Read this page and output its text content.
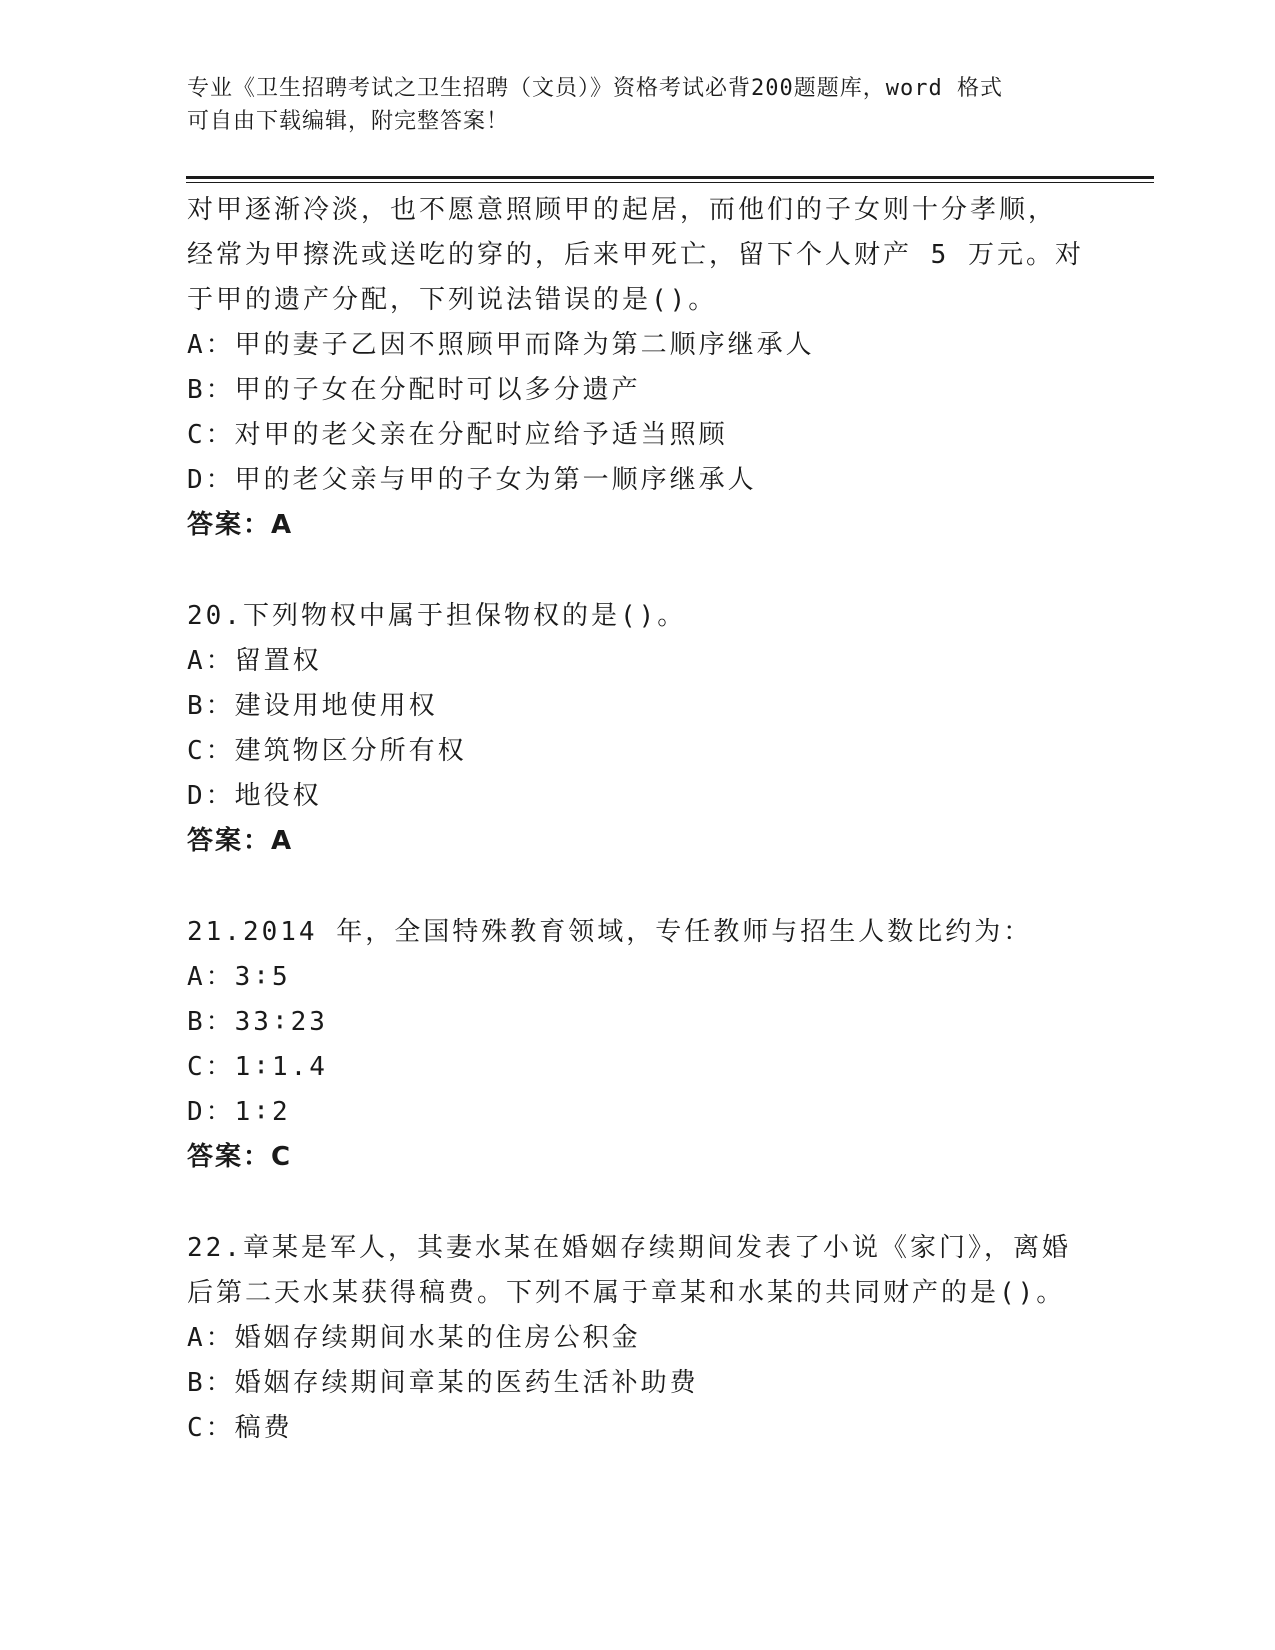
专业《卫生招聘考试之卫生招聘（文员）》资格考试必背200题题库，word 格式
可自由下载编辑，附完整答案！
对甲逐渐冷淡，也不愿意照顾甲的起居，而他们的子女则十分孝顺，
经常为甲擦洗或送吃的穿的，后来甲死亡，留下个人财产 5 万元。对
于甲的遗产分配，下列说法错误的是()。
A：甲的妻子乙因不照顾甲而降为第二顺序继承人
B：甲的子女在分配时可以多分遗产
C：对甲的老父亲在分配时应给予适当照顾
D：甲的老父亲与甲的子女为第一顺序继承人
答案：A
20.下列物权中属于担保物权的是()。
A：留置权
B：建设用地使用权
C：建筑物区分所有权
D：地役权
答案：A
21.2014 年，全国特殊教育领域，专任教师与招生人数比约为：
A：3∶5
B：33∶23
C：1∶1.4
D：1∶2
答案：C
22.章某是军人，其妻水某在婚姻存续期间发表了小说《家门》，离婚
后第二天水某获得稿费。下列不属于章某和水某的共同财产的是()。
A：婚姻存续期间水某的住房公积金
B：婚姻存续期间章某的医药生活补助费
C：稿费
